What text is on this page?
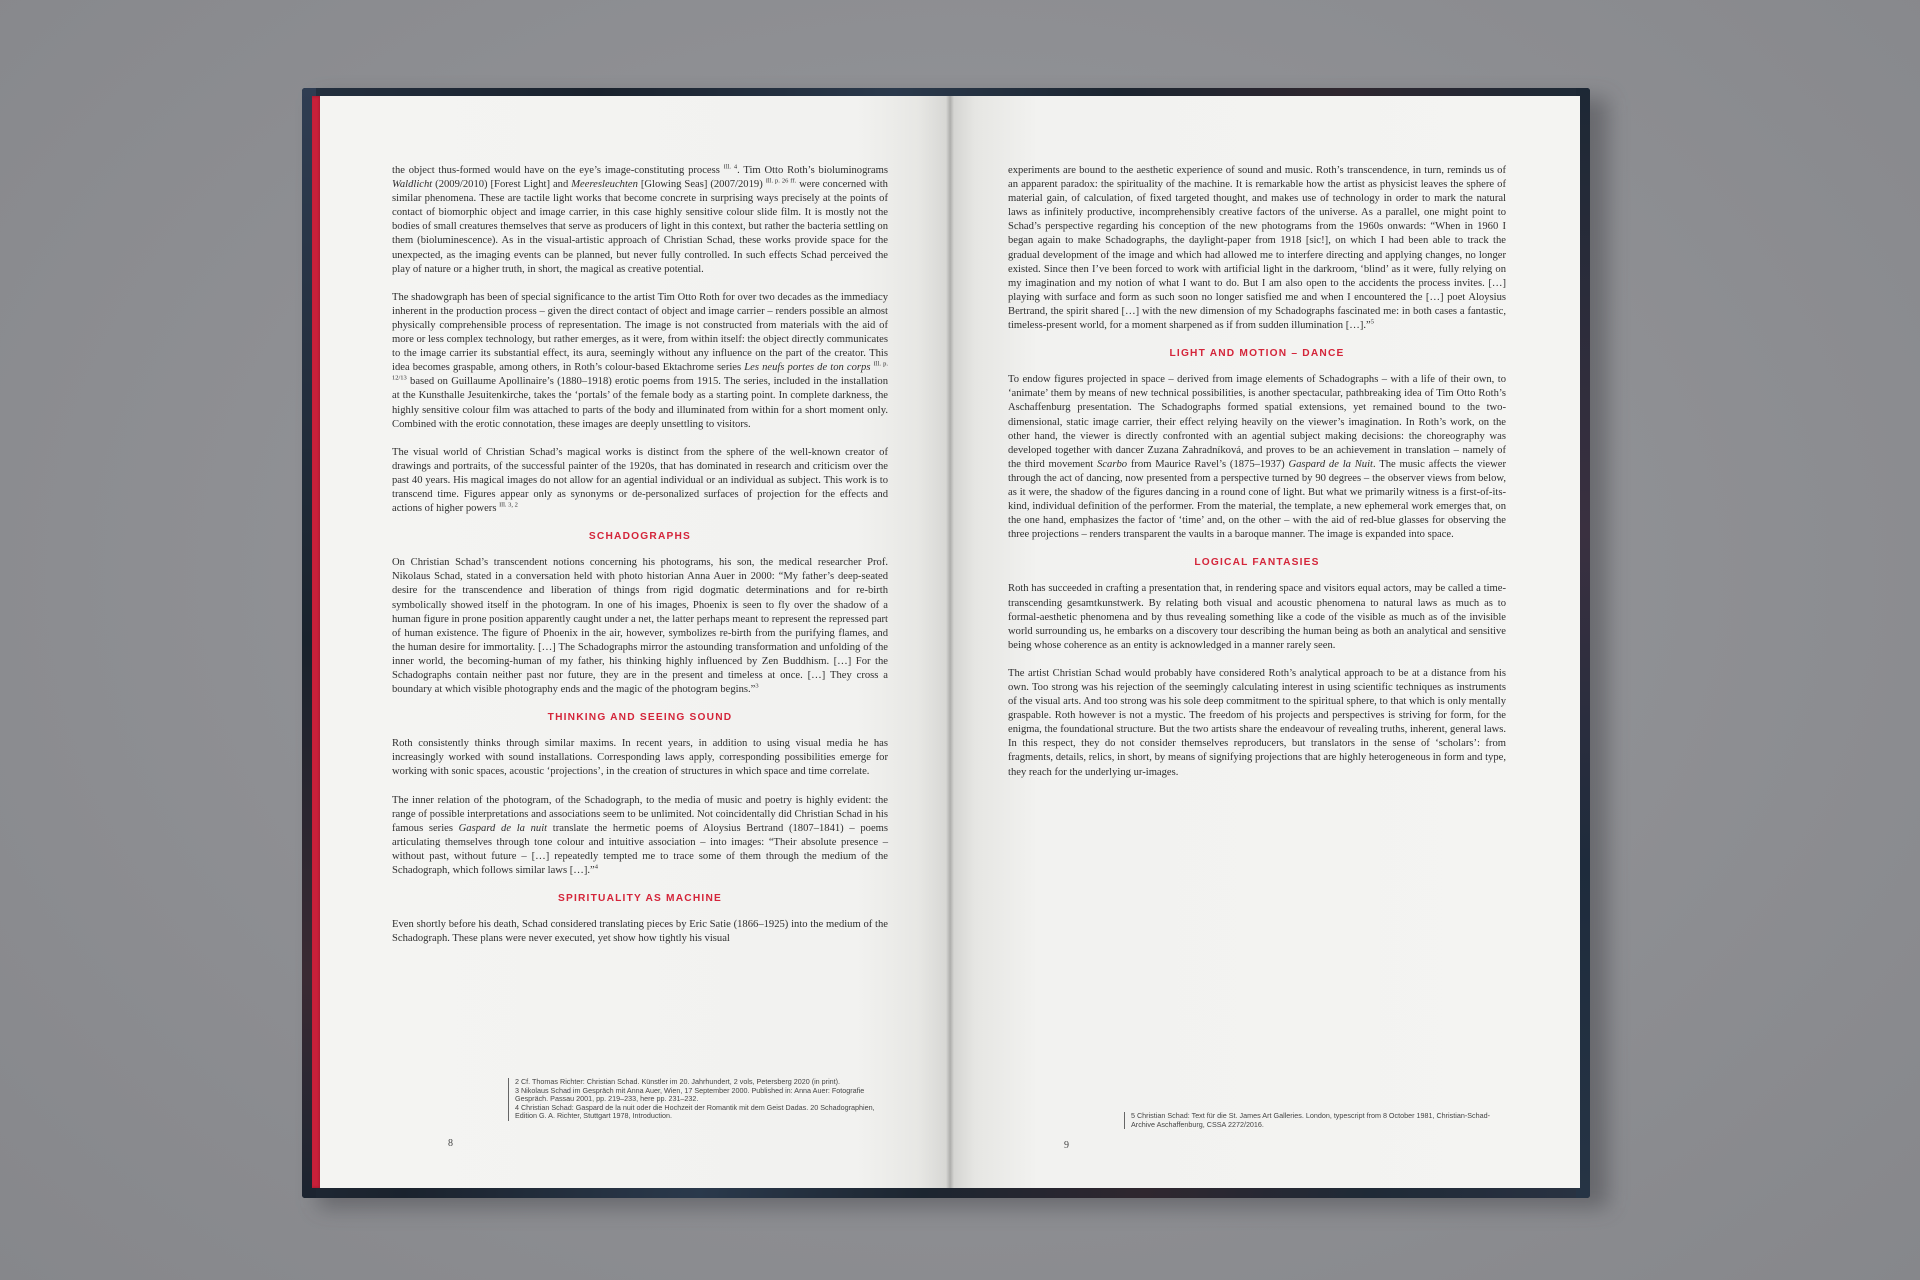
the object thus-formed would have on the eye’s image-constituting process $^{Ill. 4}$. Tim Otto Roth’s bioluminograms Waldlicht (2009/2010) [Forest Light] and Meeresleuchten [Glowing Seas] (2007/2019) $^{Ill. p. 26 ff.}$ were concerned with similar phenomena. These are tactile light works that become concrete in surprising ways precisely at the points of contact of biomorphic object and image carrier, in this case highly sensitive colour slide film. It is mostly not the bodies of small creatures themselves that serve as producers of light in this context, but rather the bacteria settling on them (bioluminescence). As in the visual-artistic approach of Christian Schad, these works provide space for the unexpected, as the imaging events can be planned, but never fully controlled. In such effects Schad perceived the play of nature or a higher truth, in short, the magical as creative potential.

The shadowgraph has been of special significance to the artist Tim Otto Roth for over two decades as the immediacy inherent in the production process – given the direct contact of object and image carrier – renders possible an almost physically comprehensible process of representation. The image is not constructed from materials with the aid of more or less complex technology, but rather emerges, as it were, from within itself: the object directly communicates to the image carrier its substantial effect, its aura, seemingly without any influence on the part of the creator. This idea becomes graspable, among others, in Roth’s colour-based Ektachrome series Les neufs portes de ton corps $^{Ill. p. 12/13}$ based on Guillaume Apollinaire’s (1880–1918) erotic poems from 1915. The series, included in the installation at the Kunsthalle Jesuitenkirche, takes the ‘portals’ of the female body as a starting point. In complete darkness, the highly sensitive colour film was attached to parts of the body and illuminated from within for a short moment only. Combined with the erotic connotation, these images are deeply unsettling to visitors.

The visual world of Christian Schad’s magical works is distinct from the sphere of the well-known creator of drawings and portraits, of the successful painter of the 1920s, that has dominated in research and criticism over the past 40 years. His magical images do not allow for an agential individual or an individual as subject. This work is to transcend time. Figures appear only as synonyms or de-personalized surfaces of projection for the effects and actions of higher powers $^{Ill. 3, 2}$

SCHADOGRAPHS

On Christian Schad’s transcendent notions concerning his photograms, his son, the medical researcher Prof. Nikolaus Schad, stated in a conversation held with photo historian Anna Auer in 2000: “My father’s deep-seated desire for the transcendence and liberation of things from rigid dogmatic determinations and for re-birth symbolically showed itself in the photogram. In one of his images, Phoenix is seen to fly over the shadow of a human figure in prone position apparently caught under a net, the latter perhaps meant to represent the repressed part of human existence. The figure of Phoenix in the air, however, symbolizes re-birth from the purifying flames, and the human desire for immortality. […] The Schadographs mirror the astounding transformation and unfolding of the inner world, the becoming-human of my father, his thinking highly influenced by Zen Buddhism. […] For the Schadographs contain neither past nor future, they are in the present and timeless at once. […] They cross a boundary at which visible photography ends and the magic of the photogram begins.”$^3$

THINKING AND SEEING SOUND

Roth consistently thinks through similar maxims. In recent years, in addition to using visual media he has increasingly worked with sound installations. Corresponding laws apply, corresponding possibilities emerge for working with sonic spaces, acoustic ‘projections’, in the creation of structures in which space and time correlate.

The inner relation of the photogram, of the Schadograph, to the media of music and poetry is highly evident: the range of possible interpretations and associations seem to be unlimited. Not coincidentally did Christian Schad in his famous series Gaspard de la nuit translate the hermetic poems of Aloysius Bertrand (1807–1841) – poems articulating themselves through tone colour and intuitive association – into images: “Their absolute presence – without past, without future – […] repeatedly tempted me to trace some of them through the medium of the Schadograph, which follows similar laws […].”$^4$

SPIRITUALITY AS MACHINE

Even shortly before his death, Schad considered translating pieces by Eric Satie (1866–1925) into the medium of the Schadograph. These plans were never executed, yet show how tightly his visual

2 Cf. Thomas Richter: Christian Schad. Künstler im 20. Jahrhundert, 2 vols, Petersberg 2020 (in print).
3 Nikolaus Schad im Gespräch mit Anna Auer, Wien, 17 September 2000. Published in: Anna Auer: Fotografie Gespräch. Passau 2001, pp. 219–233, here pp. 231–232.
4 Christian Schad: Gaspard de la nuit oder die Hochzeit der Romantik mit dem Geist Dadas. 20 Schadographien, Edition G. A. Richter, Stuttgart 1978, Introduction.
8

experiments are bound to the aesthetic experience of sound and music. Roth’s transcendence, in turn, reminds us of an apparent paradox: the spirituality of the machine. It is remarkable how the artist as physicist leaves the sphere of material gain, of calculation, of fixed targeted thought, and makes use of technology in order to mark the natural laws as infinitely productive, incomprehensibly creative factors of the universe. As a parallel, one might point to Schad’s perspective regarding his conception of the new photograms from the 1960s onwards: “When in 1960 I began again to make Schadographs, the daylight-paper from 1918 [sic!], on which I had been able to track the gradual development of the image and which had allowed me to interfere directing and applying changes, no longer existed. Since then I’ve been forced to work with artificial light in the darkroom, ‘blind’ as it were, fully relying on my imagination and my notion of what I want to do. But I am also open to the accidents the process invites. […] playing with surface and form as such soon no longer satisfied me and when I encountered the […] poet Aloysius Bertrand, the spirit shared […] with the new dimension of my Schadographs fascinated me: in both cases a fantastic, timeless-present world, for a moment sharpened as if from sudden illumination […].”$^5$

LIGHT AND MOTION – DANCE

To endow figures projected in space – derived from image elements of Schadographs – with a life of their own, to ‘animate’ them by means of new technical possibilities, is another spectacular, pathbreaking idea of Tim Otto Roth’s Aschaffenburg presentation. The Schadographs formed spatial extensions, yet remained bound to the two-dimensional, static image carrier, their effect relying heavily on the viewer’s imagination. In Roth’s work, on the other hand, the viewer is directly confronted with an agential subject making decisions: the choreography was developed together with dancer Zuzana Zahradníková, and proves to be an achievement in translation – namely of the third movement Scarbo from Maurice Ravel’s (1875–1937) Gaspard de la Nuit. The music affects the viewer through the act of dancing, now presented from a perspective turned by 90 degrees – the observer views from below, as it were, the shadow of the figures dancing in a round cone of light. But what we primarily witness is a first-of-its-kind, individual definition of the performer. From the material, the template, a new ephemeral work emerges that, on the one hand, emphasizes the factor of ‘time’ and, on the other – with the aid of red-blue glasses for observing the three projections – renders transparent the vaults in a baroque manner. The image is expanded into space.

LOGICAL FANTASIES

Roth has succeeded in crafting a presentation that, in rendering space and visitors equal actors, may be called a time-transcending gesamtkunstwerk. By relating both visual and acoustic phenomena to natural laws as much as to formal-aesthetic phenomena and by thus revealing something like a code of the visible as much as of the invisible world surrounding us, he embarks on a discovery tour describing the human being as both an analytical and sensitive being whose coherence as an entity is acknowledged in a manner rarely seen.

The artist Christian Schad would probably have considered Roth’s analytical approach to be at a distance from his own. Too strong was his rejection of the seemingly calculating interest in using scientific techniques as instruments of the visual arts. And too strong was his sole deep commitment to the spiritual sphere, to that which is only mentally graspable. Roth however is not a mystic. The freedom of his projects and perspectives is striving for form, for the enigma, the foundational structure. But the two artists share the endeavour of revealing truths, inherent, general laws. In this respect, they do not consider themselves reproducers, but translators in the sense of ‘scholars’: from fragments, details, relics, in short, by means of signifying projections that are highly heterogeneous in form and type, they reach for the underlying ur-images.

5 Christian Schad: Text für die St. James Art Galleries. London, typescript from 8 October 1981, Christian-Schad-Archive Aschaffenburg, CSSA 2272/2016.
9
